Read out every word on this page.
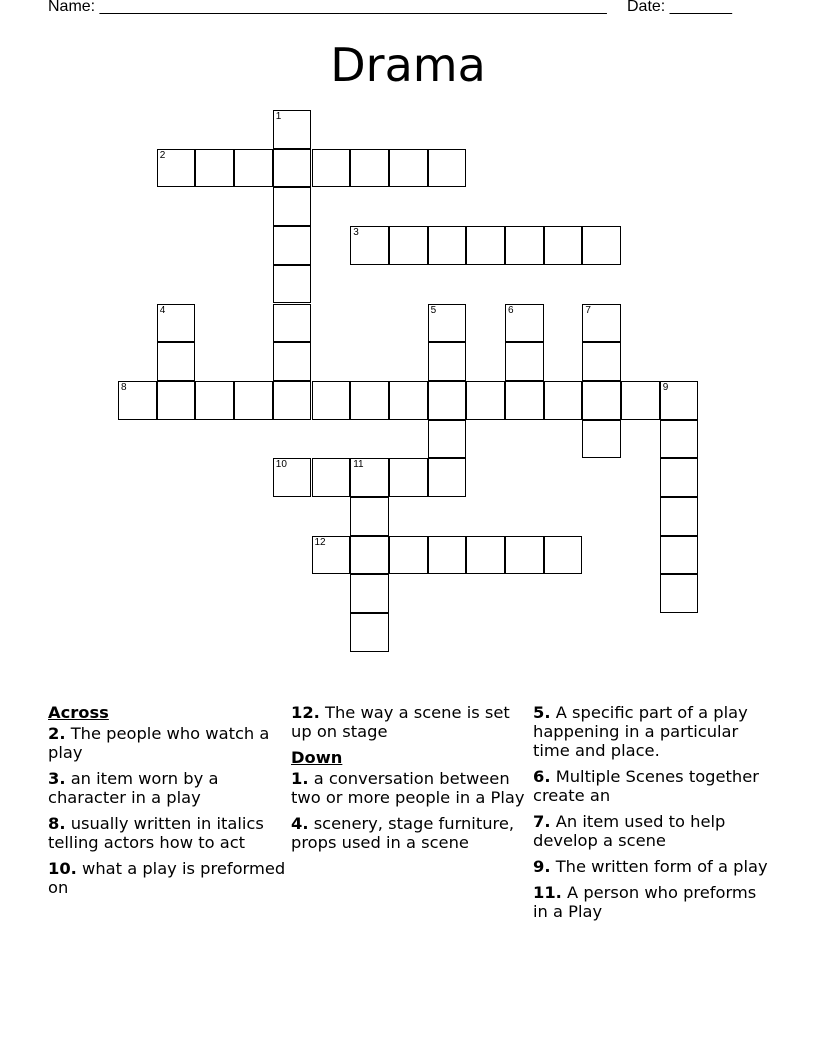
Name: _________________________________________________________ Date: _______
Drama
1
2
3
4	5	6	7
8	9
10	11
12
Across
2. The people who watch a play
3. an item worn by a character in a play
8. usually written in italics telling actors how to act
10. what a play is preformed on
12. The way a scene is set up on stage
Down
1. a conversation between two or more people in a Play
4. scenery, stage furniture, props used in a scene
5. A specific part of a play happening in a particular time and place.
6. Multiple Scenes together create an
7. An item used to help develop a scene
9. The written form of a play
11. A person who preforms in a Play
